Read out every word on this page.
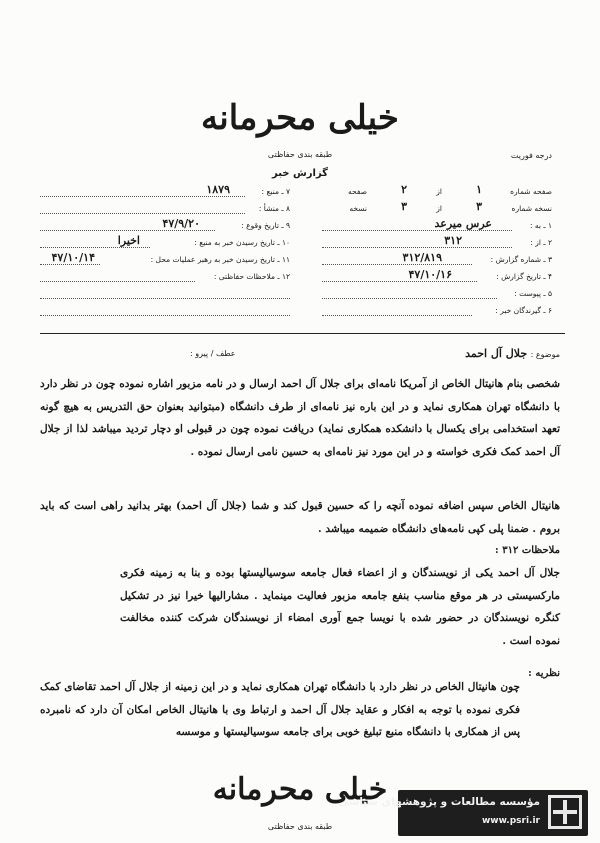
خیلی محرمانه
طبقه بندی حفاظتی	درجه فوریت
گزارش خبر
صفحه شماره
۱
از
۲
صفحه
نسخه شماره
۳
از
۳
نسخه
۱ ـ به :
عرس میرعد
۲ ـ از :
۳۱۲
۳ ـ شماره گزارش :
۳۱۲/۸۱۹
۴ ـ تاریخ گزارش :
۴۷/۱۰/۱۶
۵ ـ پیوست :
۶ ـ گیرندگان خبر :
۷ ـ منبع :
۱۸۷۹
۸ ـ منشأ :
۹ ـ تاریخ وقوع :
۴۷/۹/۲۰
۱۰ ـ تاریخ رسیدن خبر به منبع :
اخیرا
۱۱ ـ تاریخ رسیدن خبر به رهبر عملیات محل :
۴۷/۱۰/۱۴
۱۲ ـ ملاحظات حفاظتی :
موضوع : جلال آل احمد
عطف / پیرو :

شخصی بنام هانیتال الخاص از آمریکا نامه‌ای برای جلال آل احمد ارسال و در نامه مزبور اشاره نموده چون در نظر دارد با دانشگاه تهران همکاری نماید و در این باره نیز نامه‌ای از طرف دانشگاه (مبتوانید بعنوان حق التدریس به هیچ گونه تعهد استخدامی برای یکسال با دانشکده همکاری نماید) دریافت نموده چون در قبولی او دچار تردید میباشد لذا از جلال آل احمد کمک فکری خواسته و در این مورد نیز نامه‌ای به حسین نامی ارسال نموده .

هانیتال الخاص سپس اضافه نموده آنچه را که حسین قبول کند و شما (جلال آل احمد) بهتر بدانید راهی است که باید بروم . ضمنا پلی کپی نامه‌های دانشگاه ضمیمه میباشد .

ملاحظات ۳۱۲ :

جلال آل احمد یکی از نویسندگان و از اعضاء فعال جامعه سوسیالیستها بوده و بنا به زمینه فکری مارکسیستی در هر موقع مناسب بنفع جامعه مزبور فعالیت مینماید . مشارالیها خیرا نیز در تشکیل کنگره نویسندگان در حضور شده با نویسا جمع آوری امضاء از نویسندگان شرکت کننده مخالفت نموده است .

نظریه :

چون هانیتال الخاص در نظر دارد با دانشگاه تهران همکاری نماید و در این زمینه از جلال آل احمد تقاضای کمک فکری نموده با توجه به افکار و عقاید جلال آل احمد و ارتباط وی با هانیتال الخاص امکان آن دارد که نامبرده پس از همکاری با دانشگاه منبع تبلیغ خوبی برای جامعه سوسیالیستها و موسسه

خیلی محرمانه
طبقه بندی حفاظتی
مؤسسه مطالعات و پژوهشهای سیاسی
www.psri.ir
